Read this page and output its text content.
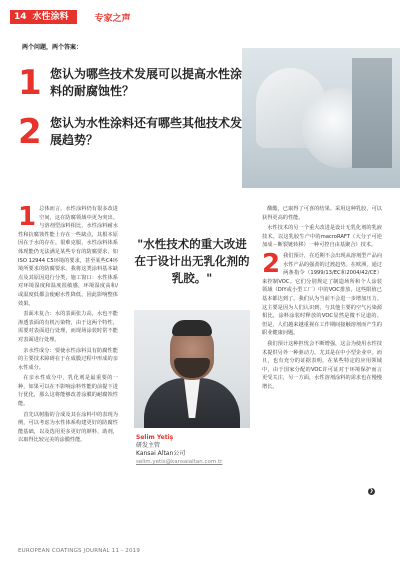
14 水性涂料	专家之声
两个问题，两个答案：
1 您认为哪些技术发展可以提高水性涂料的耐腐蚀性？
2 您认为水性涂料还有哪些其他技术发展趋势？

1 总体而言，水性涂料仍有很多改进空间，这在防腐领域中更为突出。与溶剂型涂料相比，水性涂料耐水性和抗腐蚀性能上存在一些缺点，其根本原因在于水的存在。很难克服，水性涂料体系体现能仍无法满足某些专有的防腐要求，如ISO 12944 C5环境的要求，甚至某些C4环境所要求的防腐要求。我将这类涂料基本缺点及其原因进行分类，施工窗口：水性体系对环境湿度和温度很敏感，环境湿度高和/或温度低都会使耐水性降低，因此影响整体效果。

表面未复合：水的表面张力高，水也不能渗透表面的有机污染物，由于这两个特性，需要对表面进行处理，而现场涂装时常不能对表面进行处理。

亲水性成分：要使水性涂料具有防腐性能的主要技术障碍在于在成膜过程中形成的亲水性成分。

在亲水性成分中，乳化剂是最重要的一种，如果可以在不影响涂料性能的前提下进行优化，那么这将能够改善涂膜的耐腐蚀性能。

首先以树脂的合成及其在涂料中的表现为例，可以考虑为水性体系构建更好的防腐性能基础，以及选用更多更好的颜料、助剂，以取得比较完美的涂膜性能。

"水性技术的重大改进在于设计出无乳化剂的乳胶。"
Selim Yetiş
研发主管
Kansai Altan公司
selim.yetis@kansaialtan.com.tr

酸酯，已取得了可喜的结果。采用这种乳胶，可以获得更高的性能。

水性技术的另一个重大改进是设计无乳化剂的乳液技术。以这乳胶生产中的macroRAFT（大分子可逆加成－断裂链转移）一种可控自由基聚合）技术。

2 我们预计，在近期不会出现从溶剂型产品向水性产品的强劲的过渡趋势。在欧洲，通过两条指令（1999/13/EC和2004/42/CE）来控制VOC。它们分别规定了制造场所和个人涂装领域（DIY或小型工厂）中的VOC排放，这些限值已基本都达到了。我们认为当前不会进一步增加压力。这主要是因为人们认识到，与其他主要的空气污染源相比，涂料涂装时释放的VOC显然是微不足道的。但是，人们越来越重视在工作期间接触溶剂而产生的职业健康问题。

我们预计这种担忧会不断增强，这会为使用水性技术提供另外一种驱动力。尤其是在中小型企业中。而且，也有充分的证据表明，在某些特定的应用领域中，由于国家分配的VOC许可证对于环境保护而言更受关注，另一方面，水性溶剂涂料的需求也在慢慢增长。

❯
EUROPEAN COATINGS JOURNAL 11 - 2019
